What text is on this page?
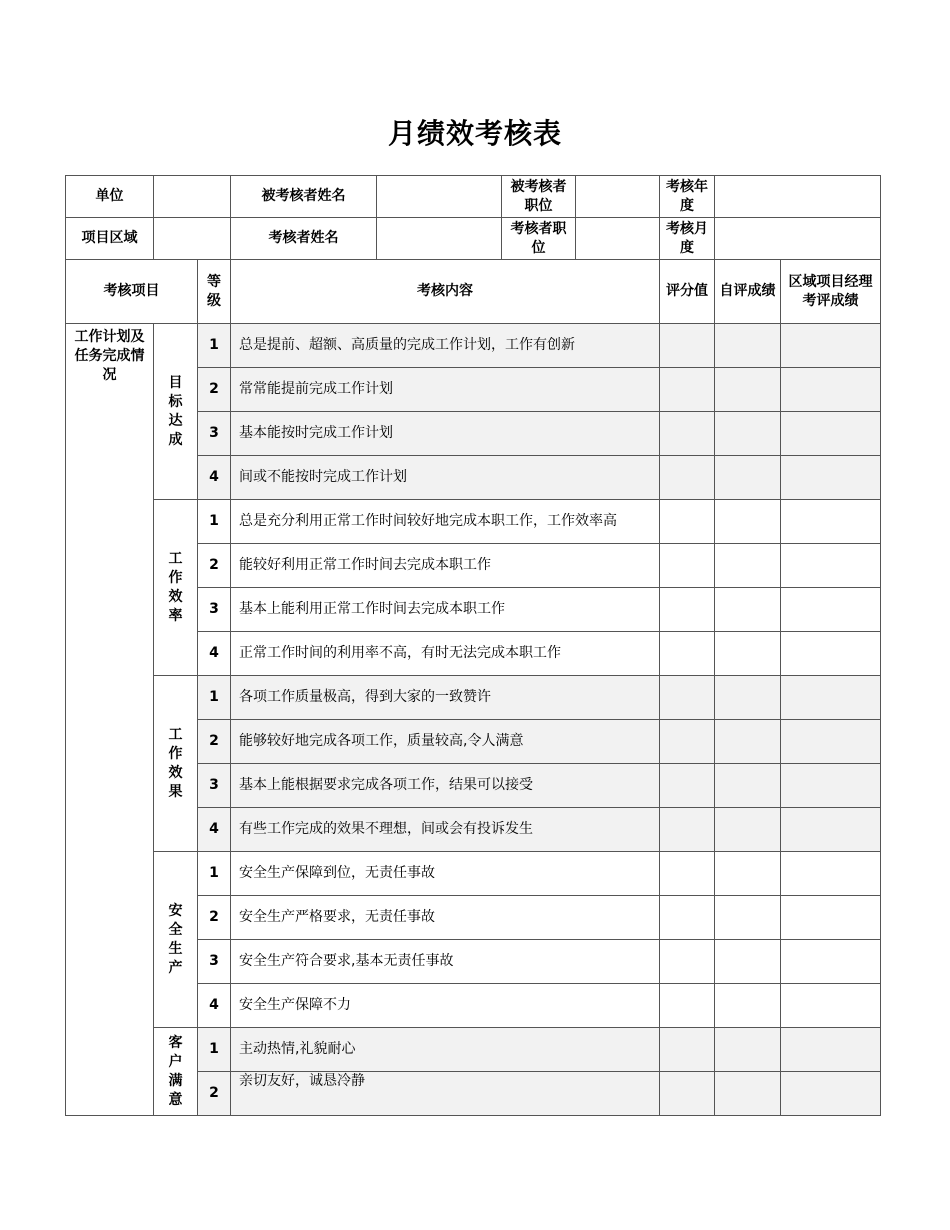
月绩效考核表
单位			被考核者姓名		被考核者职位		考核年度		
项目区域			考核者姓名		考核者职位		考核月度		
考核项目		等级	考核内容				评分值	自评成绩	区域项目经理考评成绩
工作计划及任务完成情况	目标达成	1	总是提前、超额、高质量的完成工作计划，工作有创新						
		2	常常能提前完成工作计划						
		3	基本能按时完成工作计划						
		4	间或不能按时完成工作计划						

	工作效率	1	总是充分利用正常工作时间较好地完成本职工作，工作效率高						
		2	能较好利用正常工作时间去完成本职工作						
		3	基本上能利用正常工作时间去完成本职工作						
		4	正常工作时间的利用率不高，有时无法完成本职工作						

	工作效果	1	各项工作质量极高，得到大家的一致赞许						
		2	能够较好地完成各项工作，质量较高,令人满意						
		3	基本上能根据要求完成各项工作，结果可以接受						
		4	有些工作完成的效果不理想，间或会有投诉发生						

	安全生产	1	安全生产保障到位，无责任事故						
		2	安全生产严格要求，无责任事故						
		3	安全生产符合要求,基本无责任事故						
		4	安全生产保障不力						

	客户满意	1	主动热情,礼貌耐心						
		2	亲切友好，诚恳冷静						
